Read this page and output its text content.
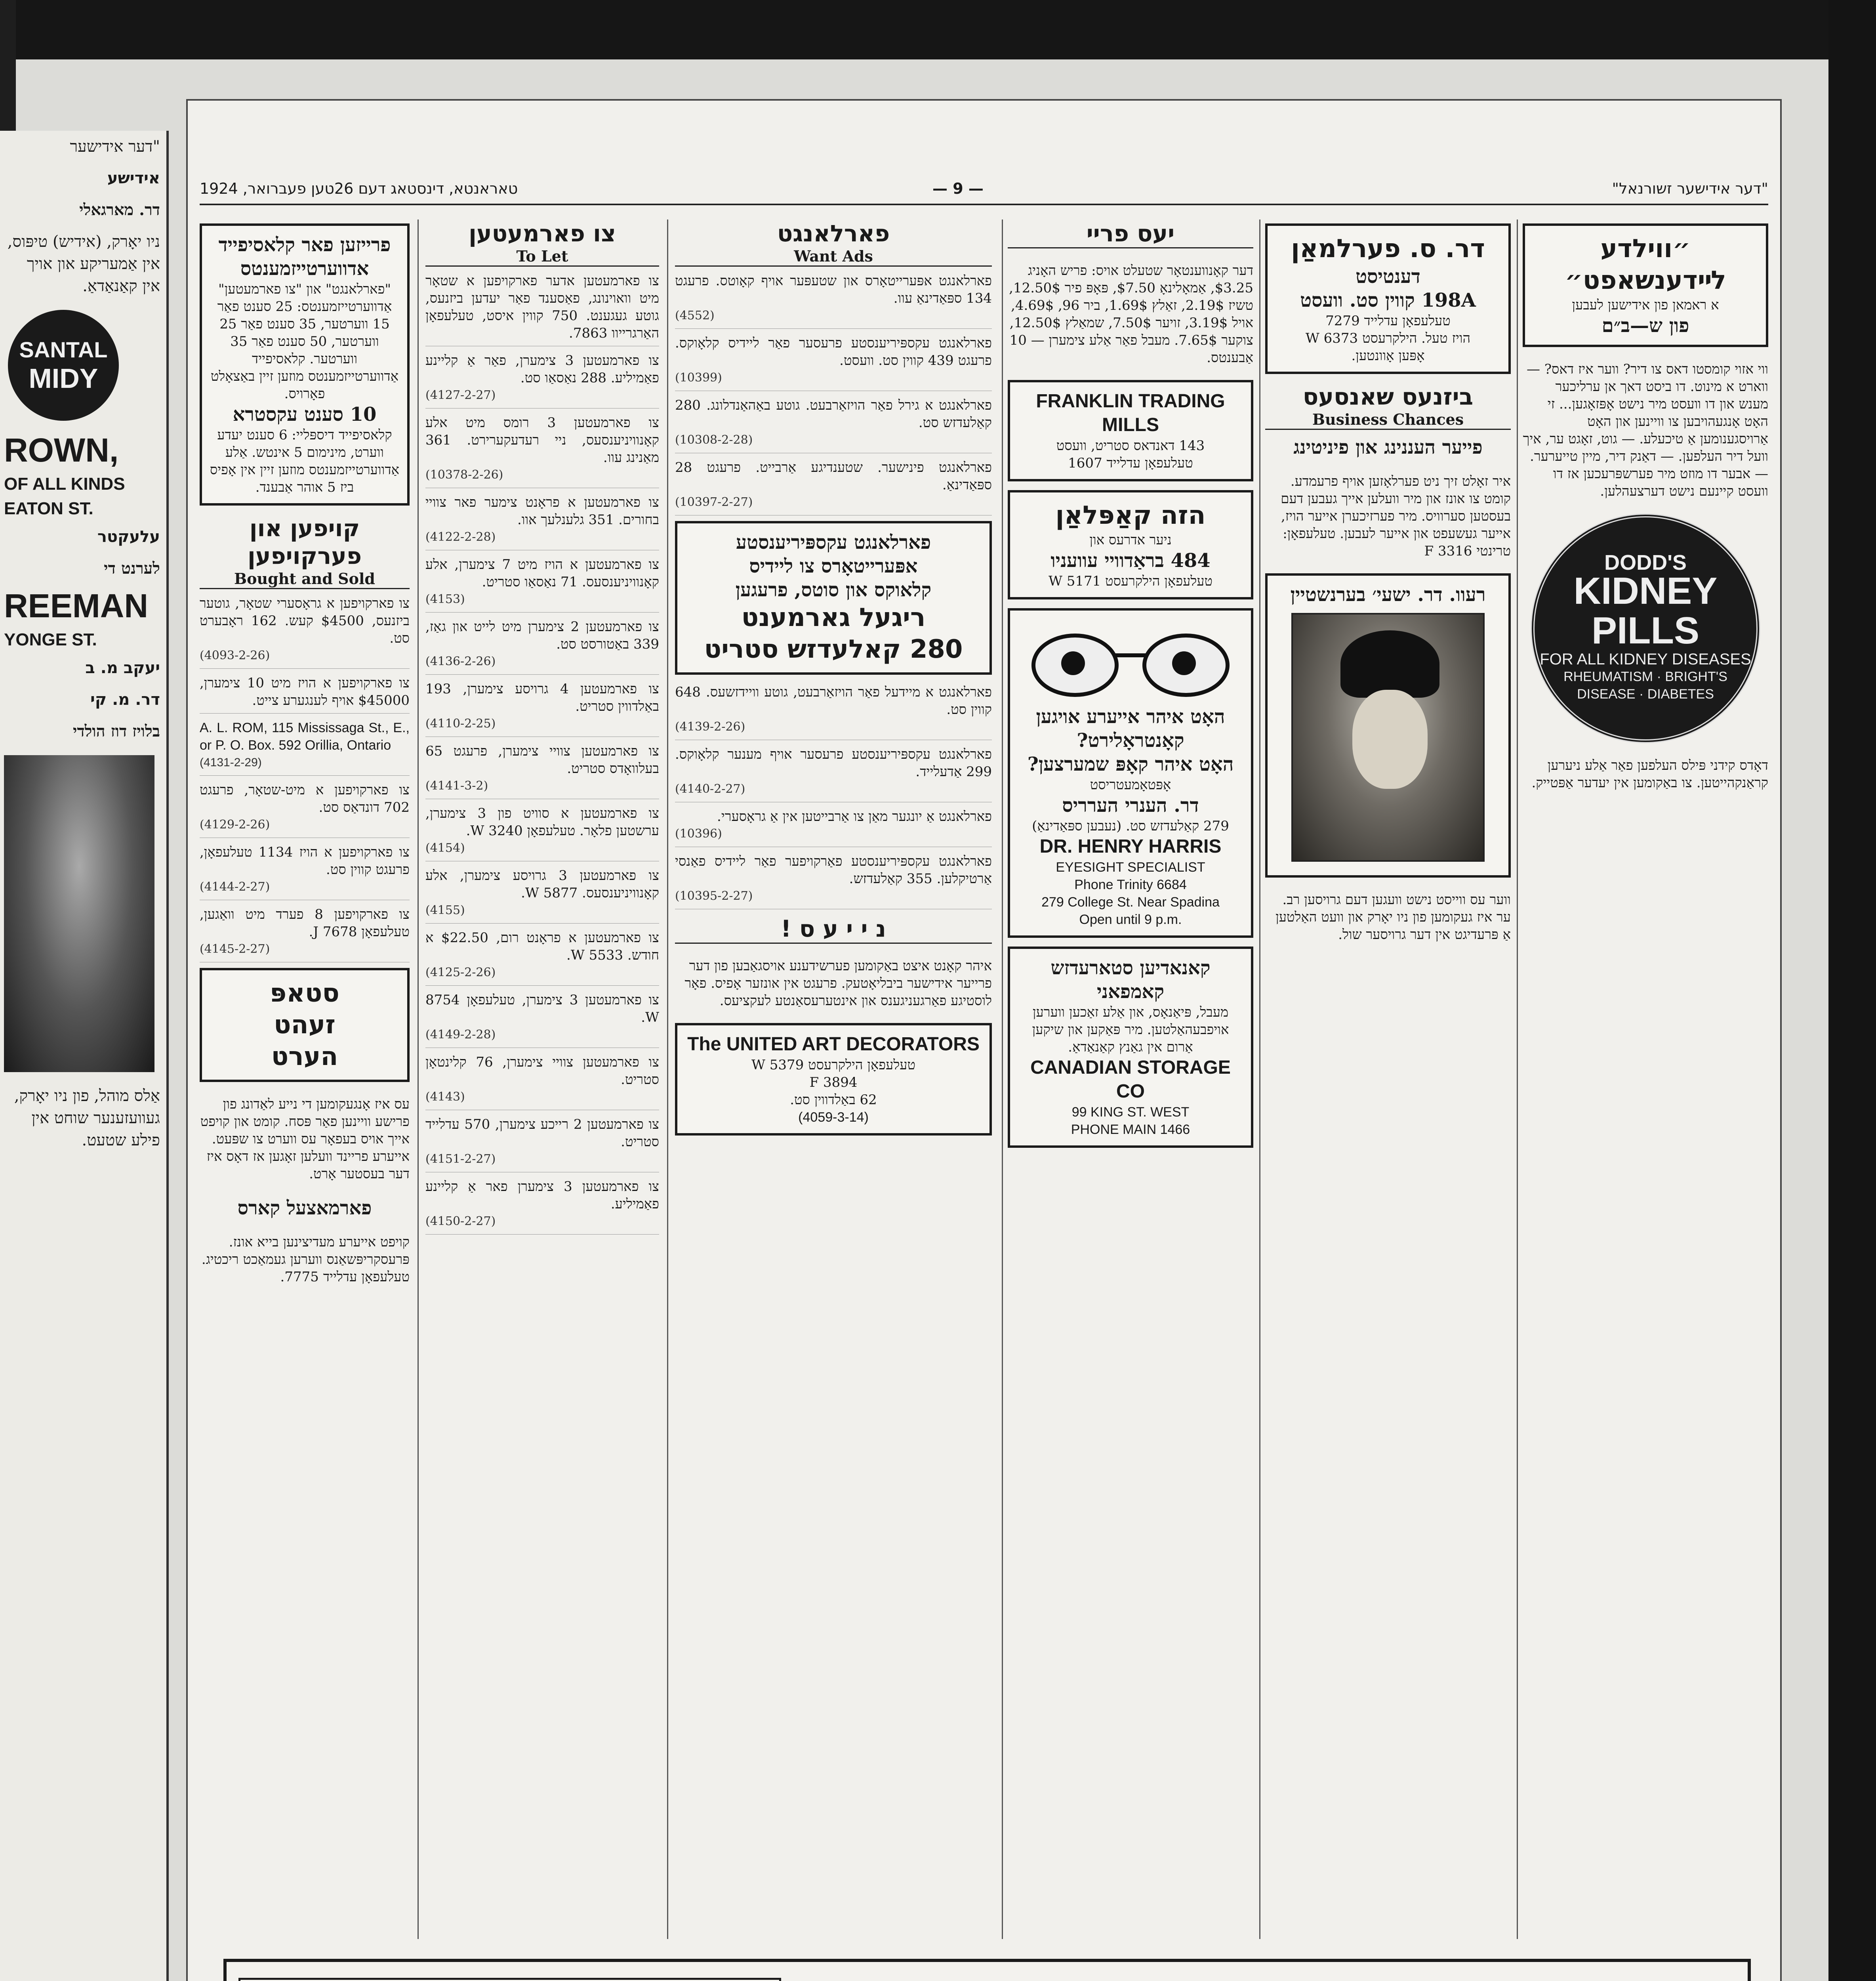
"דער אידישער
אידישע
דר. מארגאלי
ניו יאָרק, (אידיש) טיפּוס, אין אַמעריקע און אויך אין קאַנאַדאַ.
SANTAL
MIDY
ROWN,
OF ALL KINDS
EATON ST.
עלעקטר
לערנט די
REEMAN
YONGE ST.
יעקב מ. ב
דר. מ. קי
בלויז דוז הולדי
אַלס מוהל, פון ניו יאָרק, געוועזענער שוחט אין פילע שטעט.
"דער אידישער זשורנאל"
— 9 —
טאראנטא, דינסטאג דעם 26טען פעברואר, 1924
״ווילדע לײדענשאפט״
א ראמאן פון אידישען לעבען
פון ש—ב״ם

ווי אזוי קומסטו דאס צו דיר? ווער איז דאס? — ווארט א מינוט. דו ביסט דאך אן ערליכער מענש און דו װעסט מיר נישט אָפּזאָגען... זי האָט אָנגעהויבען צו וויינען און האָט אַרויסגענומען אַ טיכעלע. — גוט, זאָגט ער, איך וועל דיר העלפען. — דאַנק דיר, מיין טייערער. — אבער דו מוזט מיר פערשפּרעכען אז דו וועסט קיינעם נישט דערצעהלען.

DODD'S
KIDNEY
PILLS
FOR ALL KIDNEY DISEASES
RHEUMATISM · BRIGHT'S DISEASE · DIABETES

דאָדס קידני פּילס העלפען פאַר אַלע ניערען קראַנקהייטען. צו באַקומען אין יעדער אַפּטייק.

דר. ס. פערלמאַן
דענטיסט
198A קווין סט. וועסט
טעלעפאָן עדלייד 7279
הויז טעל. הילקרעסט W 6373
אָפּען אָוונטען.
ביזנעס שאנסעס
Business Chances
פייער העננינג און פיניטינג

איר זאָלט זיך ניט פערלאָזען אויף פרעמדע. קומט צו אונז און מיר וועלען אייך געבען דעם בעסטען סערוויס. מיר פערזיכערן אייער הויז, אייער געשעפט און אייער לעבען. טעלעפאָן: טרינטי 3316 F

רעוו. דר. ישעי׳ בערנשטיין

ווער עס ווייסט נישט וועגען דעם גרויסען רב. ער איז געקומען פון ניו יאָרק און וועט האַלטען אַ פּרעדיגט אין דער גרויסער שול.

יעס פריי

דער קאָנווענטאָר שטעלט אויס: פריש האָניג $3.25, אַמאָלינאָ $7.50, פּאָפּ פיר 12.50$, טשיז 2.19$, זאַלץ 1.69$, ביר 96, 4.69$, אויל 3.19$, זויער 7.50$, שמאַלץ 12.50$, צוקער 7.65$. מעבל פאַר אַלע צימערן — 10 אַבענטס.

FRANKLIN TRADING MILLS
143 דאנדאס סטריט, וועסט
טעלעפאָן עדלייד 1607
הזה קאַפּלאַן
ניער אדרעס און
484 בראַדוויי עוועניו
טעלעפאָן הילקרעסט W 5171
האָט איהר אייערע אויגען קאָנטראָלירט?
האָט איהר קאָפּ שמערצען?
אָפּטאָמעטריסט
דר. הענרי הערריס
279 קאַלעדזש סט. (נעבען ספּאַדינאַ)
DR. HENRY HARRIS
EYESIGHT SPECIALIST
Phone Trinity 6684
279 College St. Near Spadina
Open until 9 p.m.
קאנאדיען סטארעדזש קאמפאני
מעבל, פּיאַנאָס, און אַלע זאַכען ווערען אויפבעהאַלטען. מיר פּאַקען און שיקען אַרום אין גאַנץ קאַנאַדאַ.
CANADIAN STORAGE CO
99 KING ST. WEST
PHONE MAIN 1466
פארלאנגט
Want Ads
פארלאנגט אפּערייטאָרס און שטעפּער אויף קאָוטס. פרעגט 134 ספּאַדינאַ עוו.
(4552)
פארלאנגט עקספּיריענסטע פרעסער פאַר ליידיס קלאָוקס. פרעגט 439 קווין סט. וועסט.
(10399)
פארלאנגט א גירל פאַר הויזאַרבעט. גוטע באַהאַנדלונג. 280 קאַלעדזש סט.
(10308-2-28)
פארלאנגט פינישער. שטענדיגע אַרבייט. פרעגט 28 ספּאַדינאַ.
(10397-2-27)
פארלאנגט עקספּיריענסטע
אפּערייטאָרס צו ליידיס
קלאוקס און סוטס, פרעגען
ריגעל גארמענט
280 קאלעדזש סטריט
פארלאנגט א מיידעל פאַר הויזאַרבעט, גוטע וויידזשעס. 648 קווין סט.
(4139-2-26)
פארלאנגט עקספּיריענסטע פרעסער אויף מענער קלאָוקס. 299 אַדעלייד.
(4140-2-27)
פארלאנגט אַ יונגער מאַן צו אַרבייטען אין אַ גראָסערי.
(10396)
פארלאנגט עקספּיריענסטע פאַרקויפער פאַר ליידיס פאַנסי אַרטיקלען. 355 קאַלעדזש.
(10395-2-27)
נ י י ע ס !

איהר קאָנט איצט באַקומען פערשידענע אויסגאַבען פון דער פרייער אידישער ביבליאָטעק. פרעגט אין אונזער אָפיס. פאָר לוסטיגע פאַרגעניגענס און אינטערעסאַנטע לעקציעס.

The UNITED ART DECORATORS
טעלעפאָן הילקרעסט W 5379
3894 F
62 באַלדווין סט.
(4059-3-14)
צו פארמעטען
To Let
צו פארמעטען אדער פארקויפען א שטאָר מיט וואוינונג, פאַסענד פאַר יעדען ביזנעס, גוטע געגענט. 750 קווין איסט, טעלעפאָן האַרגרייוו 7863.
צו פארמעטען 3 צימערן, פאַר אַ קליינע פאַמיליע. 288 נאַסאַו סט.
(4127-2-27)
צו פארמעטען 3 רומס מיט אלע קאָנוויניענסעס, ניי רעדעקערירט. 361 מאַנינג עוו.
(10378-2-26)
צו פארמעטען א פראָנט צימער פאר צוויי בחורים. 351 גלענלעך אוו.
(4122-2-28)
צו פארמעטען א הויז מיט 7 צימערן, אלע קאָנוויניענסעס. 71 נאַסאַו סטריט.
(4153)
צו פארמעטען 2 צימערן מיט לייט און גאַז, 339 באַטורסט סט.
(4136-2-26)
צו פארמעטען 4 גרויסע צימערן, 193 באַלדווין סטריט.
(4110-2-25)
צו פארמעטען צוויי צימערן, פרעגט 65 בעלוואָדס סטריט.
(4141-3-2)
צו פארמעטען א סוויט פון 3 צימערן, ערשטען פלאָר. טעלעפאָן W 3240.
(4154)
צו פארמעטען 3 גרויסע צימערן, אלע קאָנוויניענסעס. 5877 W.
(4155)
צו פארמעטען א פראָנט רום, $22.50 א חודש. 5533 W.
(4125-2-26)
צו פארמעטען 3 צימערן, טעלעפאָן 8754 W.
(4149-2-28)
צו פארמעטען צוויי צימערן, 76 קלינטאָן סטריט.
(4143)
צו פארמעטען 2 רייכע צימערן, 570 עדלייד סטריט.
(4151-2-27)
צו פארמעטען 3 צימערן פאר אַ קליינע פאַמיליע.
(4150-2-27)
פרייזען פאר קלאסיפייד אדווערטייזמענטס
"פארלאנגט" און "צו פארמעטען" אַדווערטייזמענטס: 25 סענט פאַר 15 ווערטער, 35 סענט פאַר 25 ווערטער, 50 סענט פאַר 35 ווערטער. קלאסיפייד אַדווערטייזמענטס מוזען זיין באַצאָלט פאָרויס.
10 סענט עקסטרא
קלאסיפייד דיספּליי: 6 סענט יעדע ווערט, מינימום 5 אינטש. אַלע אַדווערטייזמענטס מוזען זיין אין אָפיס ביז 5 אוהר אַבענד.
קויפען און פערקויפען
Bought and Sold
צו פארקויפען א גראָסערי שטאָר, גוטער ביזנעס, $4500 קעש. 162 ראָבערט סט.
(4093-2-26)
צו פארקויפען א הויז מיט 10 צימערן, $45000 אויף לענגערע צייט.
A. L. ROM, 115 Mississaga St., E., or P. O. Box. 592 Orillia, Ontario
(4131-2-29)
צו פארקויפען א מיט-שטאָר, פרעגט 702 דונדאַס סט.
(4129-2-26)
צו פארקויפען א הויז 1134 טעלעפאָן, פרעגט קווין סט.
(4144-2-27)
צו פארקויפען 8 פערד מיט וואַגען, טעלעפאָן J 7678.
(4145-2-27)
סטאפּ
זעהט
הערט

עס איז אָנגעקומען די נייע לאַדונג פון פרישע וויינען פאַר פּסח. קומט און קויפט אייך אויס בעפאָר עס ווערט צו שפּעט. אייערע פריינד וועלען זאָגען אז דאָס איז דער בעסטער אָרט.

פארמאצעל קארס

קויפט אייערע מעדיצינען בייא אונז. פּרעסקריפּשאַנס ווערען געמאַכט ריכטיג. טעלעפאָן עדלייד 7775.
